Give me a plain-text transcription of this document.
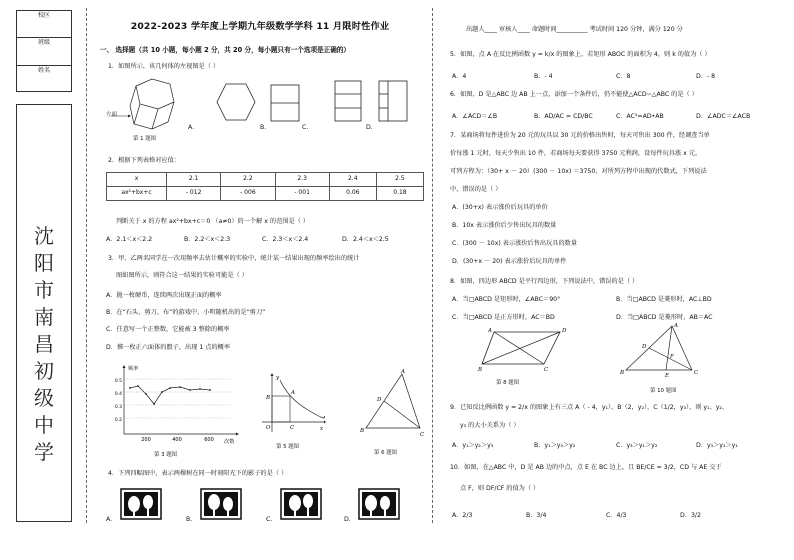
校区
班级
姓名
沈
阳
市
南
昌
初
级
中
学
2022-2023 学年度上学期九年级数学学科 11 月限时性作业	出题人____ 审核人____ 命题时间__________ 考试时间 120 分钟，满分 120 分
一、 选择题（共 10 小题，每小题 2 分，共 20 分，每小题只有一个选项是正确的）
1．如图所示，该几何体的左视图是（ ）
左面
第 1 题图
A.	B.	C.	D.
2．根据下列表格对应值：
x	2.1	2.2	2.3	2.4	2.5
ax²+bx+c	- 012	- 006	- 001	0.06	0.18
判断关于 x 的方程 ax²+bx+c＝0 （a≠0）的一个解 x 的范围是（ ）
A．2.1＜x＜2.2	B．2.2＜x＜2.3	C．2.3＜x＜2.4	D．2.4＜x＜2.5
3．甲、乙两名同学在一次用频率去估计概率的实验中，统计某一结果出现的频率绘出的统计
图如图所示，则符合这一结果的实验可能是（ ）
A．抛一枚硬币，连续两次出现正面的概率
B．在“石头、剪刀、布”的游戏中，小明随机出的是“剪刀”
C．任意写一个正整数，它能被 3 整除的概率
D．掷一枚正六面体的骰子，出现 1 点的概率
频率
次数
200	400	600
0.2
0.3
0.4
0.5
第 3 题图
y
x
A
B
C
O
第 5 题图
A
B
C
D
第 6 题图
4．下列四幅图中，表示两棵树在同一时刻阳光下的影子的是（ ）
A.	B.	C.	D.
5．如图，点 A 在反比例函数 y = k/x 的图象上，若矩形 ABOC 的面积为 4，则 k 的值为（ ）
A．4	B．- 4	C．8	D．- 8
6．如图，D 是△ABC 边 AB 上一点，添加一个条件后，仍不能使△ACD∽△ABC 的是（ ）
A．∠ACD＝∠B	B．AD/AC = CD/BC	C．AC²=AD•AB	D．∠ADC＝∠ACB
7．某商场将每件进价为 20 元的玩具以 30 元的价格出售时，每天可售出 300 件，经调查当单
价每涨 1 元时，每天少售出 10 件，若商场每天要获得 3750 元利润，设每件玩具涨 x 元，
可列方程为：（30+ x － 20）(300 － 10x) ＝3750，对所列方程中出现的代数式，下列说法
中，错误的是（ ）
A．(30+x) 表示涨价后玩具的单价
B．10x 表示涨价后少售出玩具的数量
C．(300 － 10x) 表示涨价后售出玩具的数量
D．(30+x － 20) 表示涨价后玩具的单件
8．如图，四边形 ABCD 是平行四边形，下列说法中，错误的是（ ）
A．当□ABCD 是矩形时，∠ABC＝90°	B．当□ABCD 是菱形时，AC⊥BD
C．当□ABCD 是正方形时，AC＝BD	D．当□ABCD 是菱形时，AB＝AC
A
B	C
D
第 8 题图
A
B	C
D
E
F
第 10 题图
9．已知反比例函数 y = 2/x 的图象上有三点 A（ - 4，y₁）、B（2，y₂）、C（1/2，y₃），则 y₁、y₂、
y₃ 的大小关系为（ ）
A．y₁＞y₂＞y₃	B．y₁＞y₃＞y₂	C．y₃＞y₁＞y₂	D．y₃＞y₂＞y₁
10．如图，在△ABC 中，D 是 AB 边的中点，点 E 在 BC 边上，且 BE/CE = 3/2，CD 与 AE 交于
点 F，则 DF/CF 的值为（ ）
A．2/3	B．3/4	C．4/3	D．3/2
